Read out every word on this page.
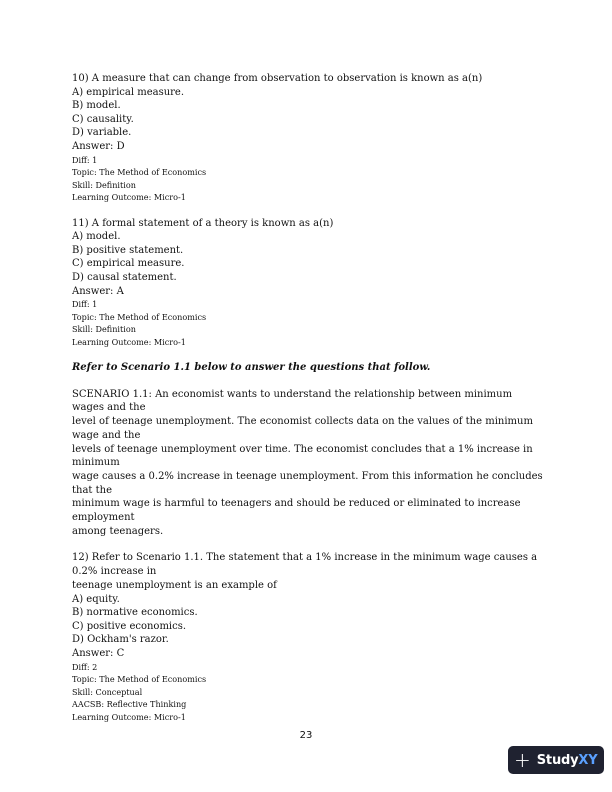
10) A measure that can change from observation to observation is known as a(n)
A) empirical measure.
B) model.
C) causality.
D) variable.
Answer: D
Diff: 1
Topic: The Method of Economics
Skill: Definition
Learning Outcome: Micro-1
11) A formal statement of a theory is known as a(n)
A) model.
B) positive statement.
C) empirical measure.
D) causal statement.
Answer: A
Diff: 1
Topic: The Method of Economics
Skill: Definition
Learning Outcome: Micro-1
Refer to Scenario 1.1 below to answer the questions that follow.
SCENARIO 1.1: An economist wants to understand the relationship between minimum wages and the
level of teenage unemployment. The economist collects data on the values of the minimum wage and the
levels of teenage unemployment over time. The economist concludes that a 1% increase in minimum
wage causes a 0.2% increase in teenage unemployment. From this information he concludes that the
minimum wage is harmful to teenagers and should be reduced or eliminated to increase employment
among teenagers.
12) Refer to Scenario 1.1. The statement that a 1% increase in the minimum wage causes a 0.2% increase in
teenage unemployment is an example of
A) equity.
B) normative economics.
C) positive economics.
D) Ockham's razor.
Answer: C
Diff: 2
Topic: The Method of Economics
Skill: Conceptual
AACSB: Reflective Thinking
Learning Outcome: Micro-1
23
+ StudyXY
